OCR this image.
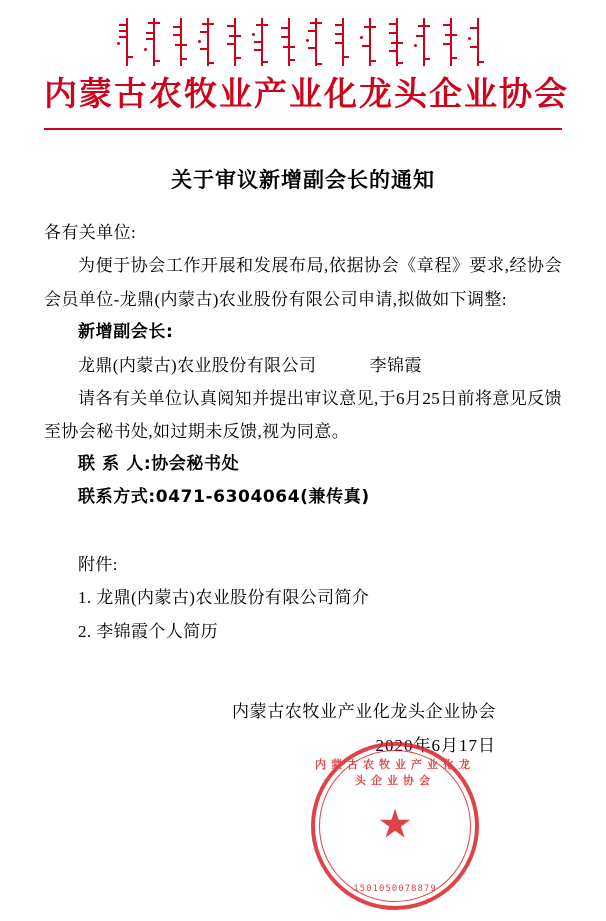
内蒙古农牧业产业化龙头企业协会
关于审议新增副会长的通知
各有关单位:
为便于协会工作开展和发展布局,依据协会《章程》要求,经协会会员单位-龙鼎(内蒙古)农业股份有限公司申请,拟做如下调整:
新增副会长:
龙鼎(内蒙古)农业股份有限公司	李锦霞
请各有关单位认真阅知并提出审议意见,于6月25日前将意见反馈至协会秘书处,如过期未反馈,视为同意。
联 系 人:协会秘书处
联系方式:0471-6304064(兼传真)
附件:
1. 龙鼎(内蒙古)农业股份有限公司简介
2. 李锦霞个人简历
内蒙古农牧业产业化龙头企业协会
2020年6月17日
内蒙古农牧业产业化龙头企业协会
★
1501050078879
